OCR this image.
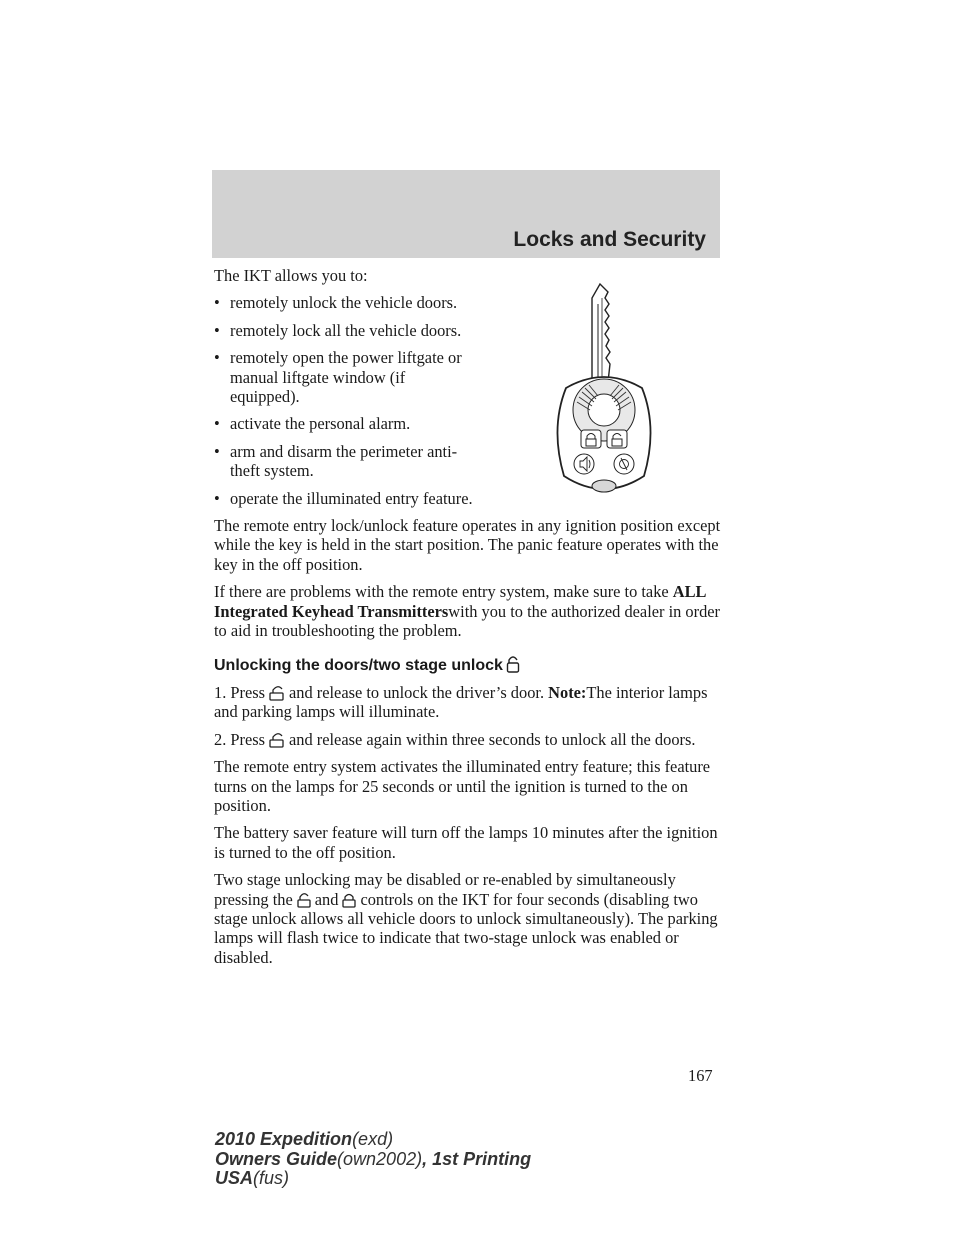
Locks and Security

The IKT allows you to:

• remotely unlock the vehicle doors.
• remotely lock all the vehicle doors.
• remotely open the power liftgate or manual liftgate window (if equipped).
• activate the personal alarm.
• arm and disarm the perimeter anti-theft system.
• operate the illuminated entry feature.

The remote entry lock/unlock feature operates in any ignition position except while the key is held in the start position. The panic feature operates with the key in the off position.

If there are problems with the remote entry system, make sure to take ALL Integrated Keyhead Transmitterswith you to the authorized dealer in order to aid in troubleshooting the problem.

Unlocking the doors/two stage unlock

1. Press and release to unlock the driver’s door. Note:The interior lamps and parking lamps will illuminate.

2. Press and release again within three seconds to unlock all the doors.

The remote entry system activates the illuminated entry feature; this feature turns on the lamps for 25 seconds or until the ignition is turned to the on position.

The battery saver feature will turn off the lamps 10 minutes after the ignition is turned to the off position.

Two stage unlocking may be disabled or re-enabled by simultaneously pressing the and controls on the IKT for four seconds (disabling two stage unlock allows all vehicle doors to unlock simultaneously). The parking lamps will flash twice to indicate that two-stage unlock was enabled or disabled.

167
2010 Expedition(exd)
Owners Guide(own2002), 1st Printing
USA(fus)
